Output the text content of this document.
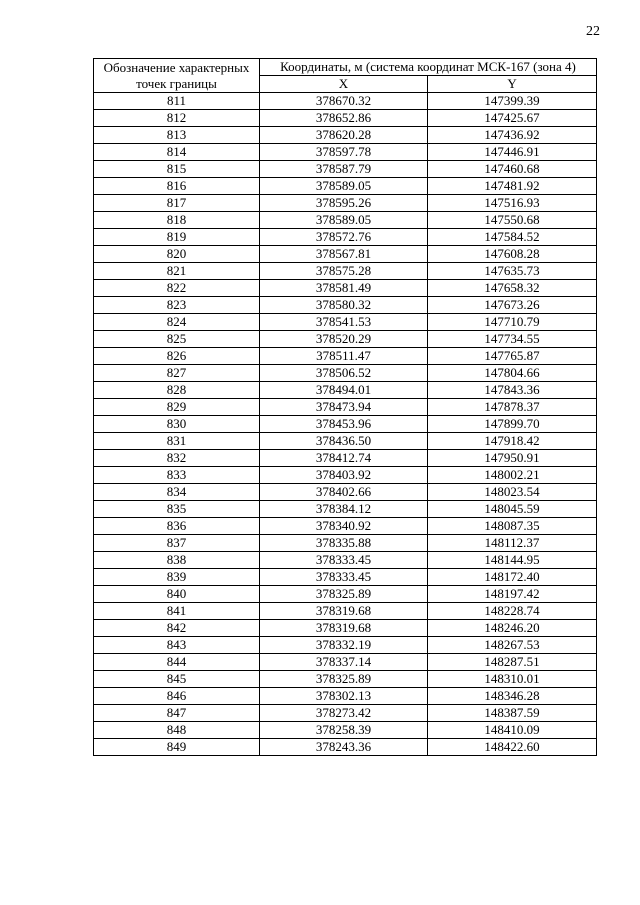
22
Обозначение характерных точек границы	Координаты, м (система координат МСК-167 (зона 4)	
	X	Y
811	378670.32	147399.39
812	378652.86	147425.67
813	378620.28	147436.92
814	378597.78	147446.91
815	378587.79	147460.68
816	378589.05	147481.92
817	378595.26	147516.93
818	378589.05	147550.68
819	378572.76	147584.52
820	378567.81	147608.28
821	378575.28	147635.73
822	378581.49	147658.32
823	378580.32	147673.26
824	378541.53	147710.79
825	378520.29	147734.55
826	378511.47	147765.87
827	378506.52	147804.66
828	378494.01	147843.36
829	378473.94	147878.37
830	378453.96	147899.70
831	378436.50	147918.42
832	378412.74	147950.91
833	378403.92	148002.21
834	378402.66	148023.54
835	378384.12	148045.59
836	378340.92	148087.35
837	378335.88	148112.37
838	378333.45	148144.95
839	378333.45	148172.40
840	378325.89	148197.42
841	378319.68	148228.74
842	378319.68	148246.20
843	378332.19	148267.53
844	378337.14	148287.51
845	378325.89	148310.01
846	378302.13	148346.28
847	378273.42	148387.59
848	378258.39	148410.09
849	378243.36	148422.60
